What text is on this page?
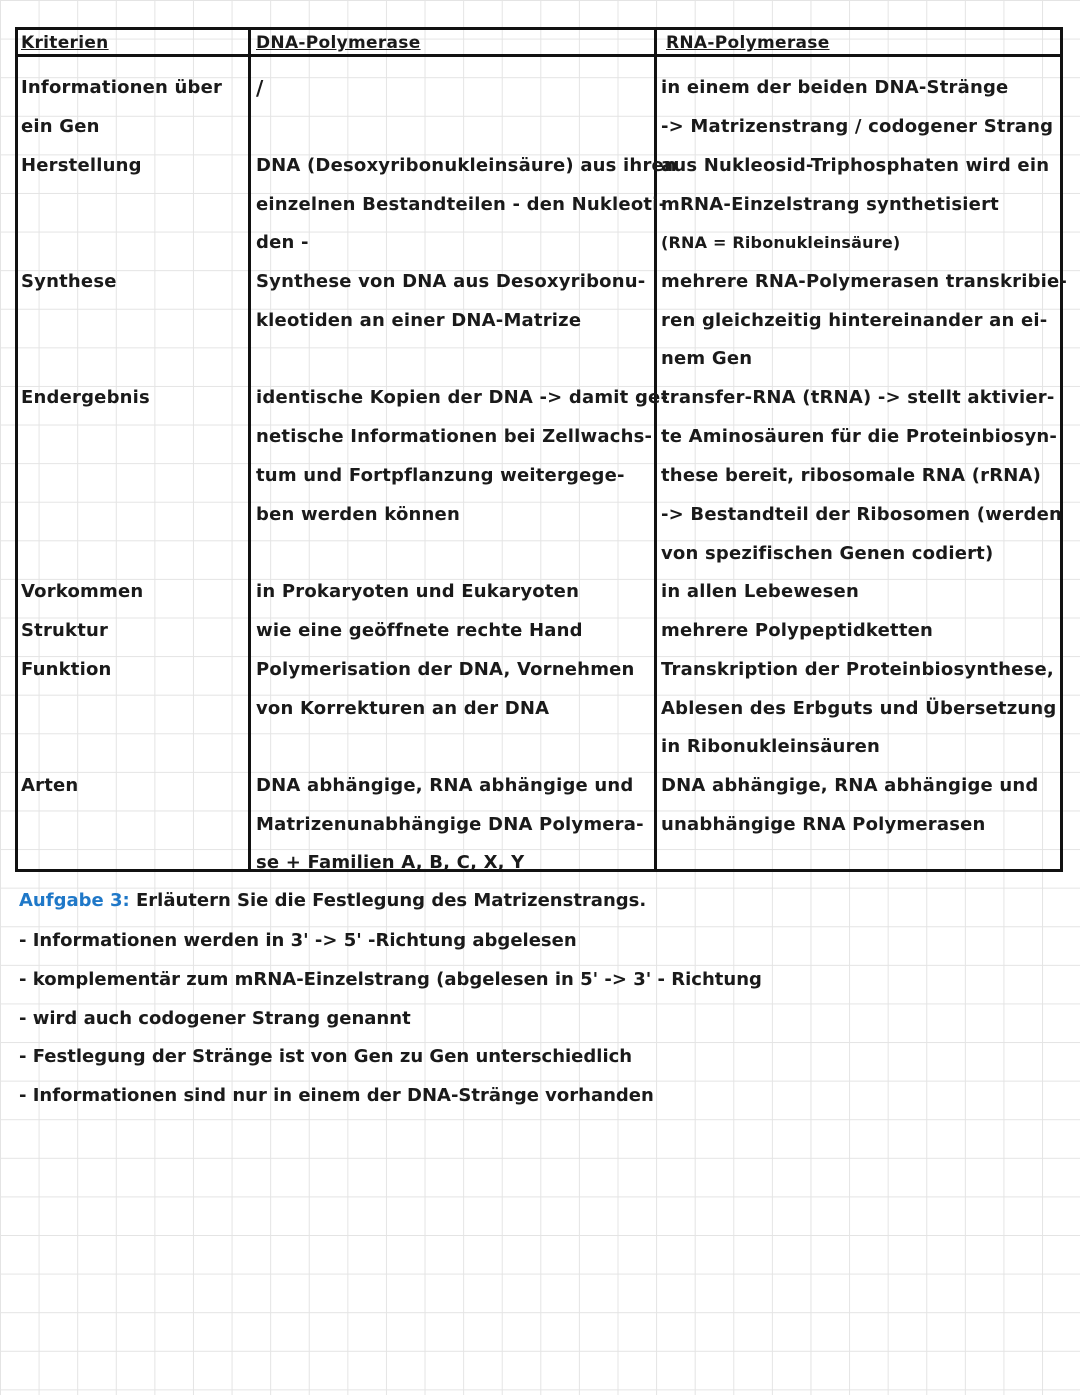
Kriterien	DNA-Polymerase	RNA-Polymerase
Informationen über
ein Gen
Herstellung
Synthese
Endergebnis
Vorkommen
Struktur
Funktion
Arten
/
DNA (Desoxyribonukleinsäure) aus ihren
einzelnen Bestandteilen - den Nukleoti-
den -
Synthese von DNA aus Desoxyribonu-
kleotiden an einer DNA-Matrize
identische Kopien der DNA -> damit ge-
netische Informationen bei Zellwachs-
tum und Fortpflanzung weitergege-
ben werden können
in Prokaryoten und Eukaryoten
wie eine geöffnete rechte Hand
Polymerisation der DNA, Vornehmen
von Korrekturen an der DNA
DNA abhängige, RNA abhängige und
Matrizenunabhängige DNA Polymera-
se + Familien A, B, C, X, Y
in einem der beiden DNA-Stränge
-> Matrizenstrang / codogener Strang
aus Nukleosid-Triphosphaten wird ein
mRNA-Einzelstrang synthetisiert
(RNA = Ribonukleinsäure)
mehrere RNA-Polymerasen transkribie-
ren gleichzeitig hintereinander an ei-
nem Gen
transfer-RNA (tRNA) -> stellt aktivier-
te Aminosäuren für die Proteinbiosyn-
these bereit, ribosomale RNA (rRNA)
-> Bestandteil der Ribosomen (werden
von spezifischen Genen codiert)
in allen Lebewesen
mehrere Polypeptidketten
Transkription der Proteinbiosynthese,
Ablesen des Erbguts und Übersetzung
in Ribonukleinsäuren
DNA abhängige, RNA abhängige und
unabhängige RNA Polymerasen
Aufgabe 3: Erläutern Sie die Festlegung des Matrizenstrangs.
- Informationen werden in 3' -> 5' -Richtung abgelesen
- komplementär zum mRNA-Einzelstrang (abgelesen in 5' -> 3' - Richtung
- wird auch codogener Strang genannt
- Festlegung der Stränge ist von Gen zu Gen unterschiedlich
- Informationen sind nur in einem der DNA-Stränge vorhanden
